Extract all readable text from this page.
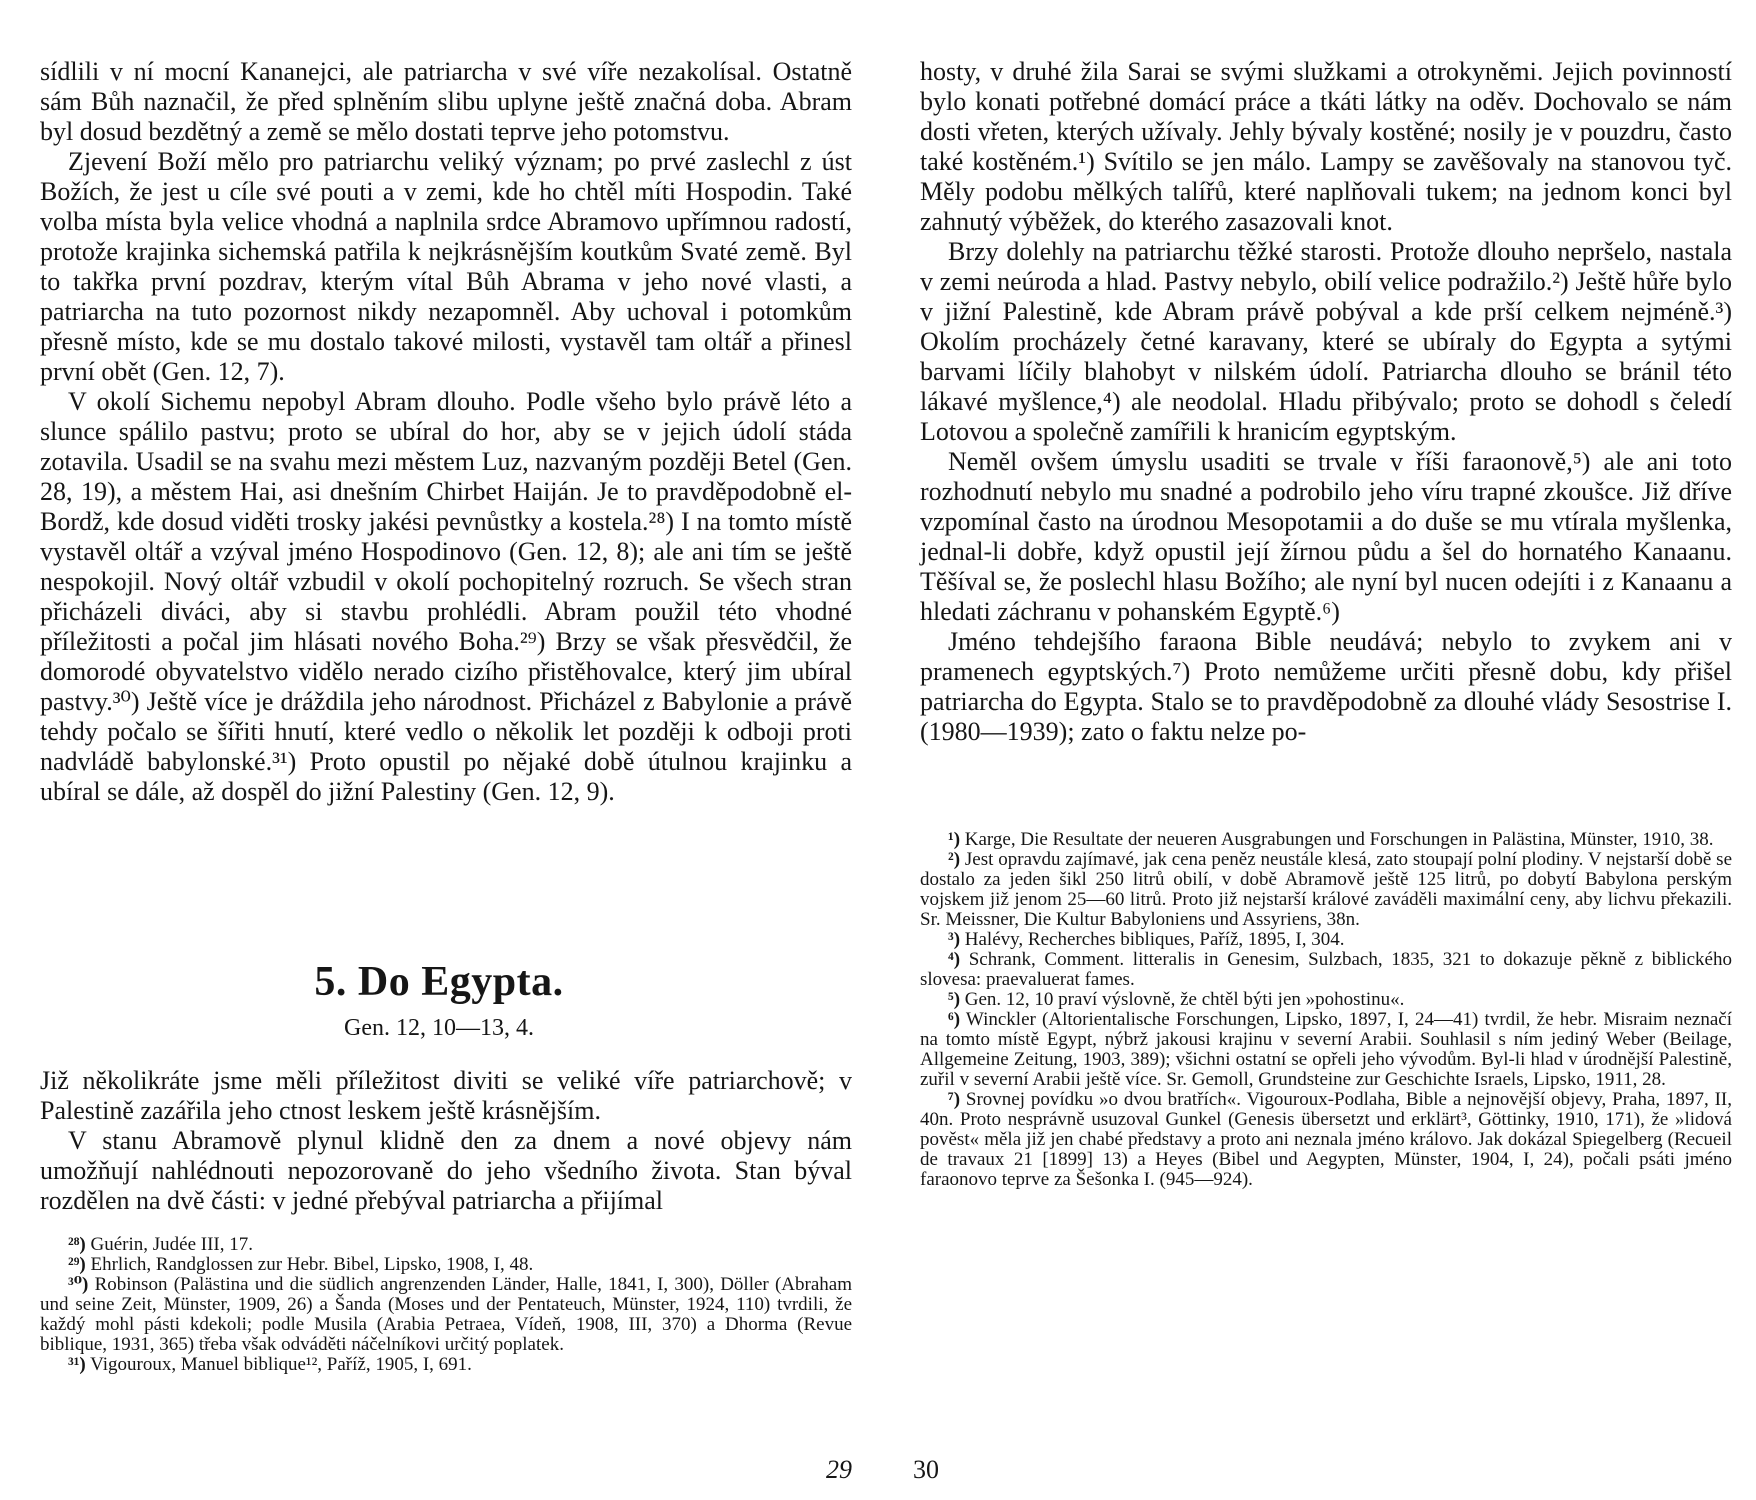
sídlili v ní mocní Kananejci, ale patriarcha v své víře nezakolísal. Ostatně sám Bůh naznačil, že před splněním slibu uplyne ještě značná doba. Abram byl dosud bezdětný a země se mělo dostati teprve jeho potomstvu.

Zjevení Boží mělo pro patriarchu veliký význam; po prvé zaslechl z úst Božích, že jest u cíle své pouti a v zemi, kde ho chtěl míti Hospodin. Také volba místa byla velice vhodná a naplnila srdce Abramovo upřímnou radostí, protože krajinka sichemská patřila k nejkrásnějším koutkům Svaté země. Byl to takřka první pozdrav, kterým vítal Bůh Abrama v jeho nové vlasti, a patriarcha na tuto pozornost nikdy nezapomněl. Aby uchoval i potomkům přesně místo, kde se mu dostalo takové milosti, vystavěl tam oltář a přinesl první obět (Gen. 12, 7).

V okolí Sichemu nepobyl Abram dlouho. Podle všeho bylo právě léto a slunce spálilo pastvu; proto se ubíral do hor, aby se v jejich údolí stáda zotavila. Usadil se na svahu mezi městem Luz, nazvaným později Betel (Gen. 28, 19), a městem Hai, asi dnešním Chirbet Haiján. Je to pravděpodobně el-Bordž, kde dosud viděti trosky jakési pevnůstky a kostela.²⁸) I na tomto místě vystavěl oltář a vzýval jméno Hospodinovo (Gen. 12, 8); ale ani tím se ještě nespokojil. Nový oltář vzbudil v okolí pochopitelný rozruch. Se všech stran přicházeli diváci, aby si stavbu prohlédli. Abram použil této vhodné příležitosti a počal jim hlásati nového Boha.²⁹) Brzy se však přesvědčil, že domorodé obyvatelstvo vidělo nerado cizího přistěhovalce, který jim ubíral pastvy.³⁰) Ještě více je dráždila jeho národnost. Přicházel z Babylonie a právě tehdy počalo se šířiti hnutí, které vedlo o několik let později k odboji proti nadvládě babylonské.³¹) Proto opustil po nějaké době útulnou krajinku a ubíral se dále, až dospěl do jižní Palestiny (Gen. 12, 9).

5. Do Egypta.
Gen. 12, 10—13, 4.

Již několikráte jsme měli příležitost diviti se veliké víře patriarchově; v Palestině zazářila jeho ctnost leskem ještě krásnějším.

V stanu Abramově plynul klidně den za dnem a nové objevy nám umožňují nahlédnouti nepozorovaně do jeho všedního života. Stan býval rozdělen na dvě části: v jedné přebýval patriarcha a přijímal

²⁸) Guérin, Judée III, 17.

²⁹) Ehrlich, Randglossen zur Hebr. Bibel, Lipsko, 1908, I, 48.

³⁰) Robinson (Palästina und die südlich angrenzenden Länder, Halle, 1841, I, 300), Döller (Abraham und seine Zeit, Münster, 1909, 26) a Šanda (Moses und der Pentateuch, Münster, 1924, 110) tvrdili, že každý mohl pásti kdekoli; podle Musila (Arabia Petraea, Vídeň, 1908, III, 370) a Dhorma (Revue biblique, 1931, 365) třeba však odváděti náčelníkovi určitý poplatek.

³¹) Vigouroux, Manuel biblique¹², Paříž, 1905, I, 691.

29

hosty, v druhé žila Sarai se svými služkami a otrokyněmi. Jejich povinností bylo konati potřebné domácí práce a tkáti látky na oděv. Dochovalo se nám dosti vřeten, kterých užívaly. Jehly bývaly kostěné; nosily je v pouzdru, často také kostěném.¹) Svítilo se jen málo. Lampy se zavěšovaly na stanovou tyč. Měly podobu mělkých talířů, které naplňovali tukem; na jednom konci byl zahnutý výběžek, do kterého zasazovali knot.

Brzy dolehly na patriarchu těžké starosti. Protože dlouho nepršelo, nastala v zemi neúroda a hlad. Pastvy nebylo, obilí velice podražilo.²) Ještě hůře bylo v jižní Palestině, kde Abram právě pobýval a kde prší celkem nejméně.³) Okolím procházely četné karavany, které se ubíraly do Egypta a sytými barvami líčily blahobyt v nilském údolí. Patriarcha dlouho se bránil této lákavé myšlence,⁴) ale neodolal. Hladu přibývalo; proto se dohodl s čeledí Lotovou a společně zamířili k hranicím egyptským.

Neměl ovšem úmyslu usaditi se trvale v říši faraonově,⁵) ale ani toto rozhodnutí nebylo mu snadné a podrobilo jeho víru trapné zkoušce. Již dříve vzpomínal často na úrodnou Mesopotamii a do duše se mu vtírala myšlenka, jednal-li dobře, když opustil její žírnou půdu a šel do hornatého Kanaanu. Těšíval se, že poslechl hlasu Božího; ale nyní byl nucen odejíti i z Kanaanu a hledati záchranu v pohanském Egyptě.⁶)

Jméno tehdejšího faraona Bible neudává; nebylo to zvykem ani v pramenech egyptských.⁷) Proto nemůžeme určiti přesně dobu, kdy přišel patriarcha do Egypta. Stalo se to pravděpodobně za dlouhé vlády Sesostrise I. (1980—1939); zato o faktu nelze po-

¹) Karge, Die Resultate der neueren Ausgrabungen und Forschungen in Palästina, Münster, 1910, 38.

²) Jest opravdu zajímavé, jak cena peněz neustále klesá, zato stoupají polní plodiny. V nejstarší době se dostalo za jeden šikl 250 litrů obilí, v době Abramově ještě 125 litrů, po dobytí Babylona perským vojskem již jenom 25—60 litrů. Proto již nejstarší králové zaváděli maximální ceny, aby lichvu překazili. Sr. Meissner, Die Kultur Babyloniens und Assyriens, 38n.

³) Halévy, Recherches bibliques, Paříž, 1895, I, 304.

⁴) Schrank, Comment. litteralis in Genesim, Sulzbach, 1835, 321 to dokazuje pěkně z biblického slovesa: praevaluerat fames.

⁵) Gen. 12, 10 praví výslovně, že chtěl býti jen »pohostinu«.

⁶) Winckler (Altorientalische Forschungen, Lipsko, 1897, I, 24—41) tvrdil, že hebr. Misraim neznačí na tomto místě Egypt, nýbrž jakousi krajinu v severní Arabii. Souhlasil s ním jediný Weber (Beilage, Allgemeine Zeitung, 1903, 389); všichni ostatní se opřeli jeho vývodům. Byl-li hlad v úrodnější Palestině, zuřil v severní Arabii ještě více. Sr. Gemoll, Grundsteine zur Geschichte Israels, Lipsko, 1911, 28.

⁷) Srovnej povídku »o dvou bratřích«. Vigouroux-Podlaha, Bible a nejnovější objevy, Praha, 1897, II, 40n. Proto nesprávně usuzoval Gunkel (Genesis übersetzt und erklärt³, Göttinky, 1910, 171), že »lidová pověst« měla již jen chabé představy a proto ani neznala jméno královo. Jak dokázal Spiegelberg (Recueil de travaux 21 [1899] 13) a Heyes (Bibel und Aegypten, Münster, 1904, I, 24), počali psáti jméno faraonovo teprve za Šešonka I. (945—924).

30
